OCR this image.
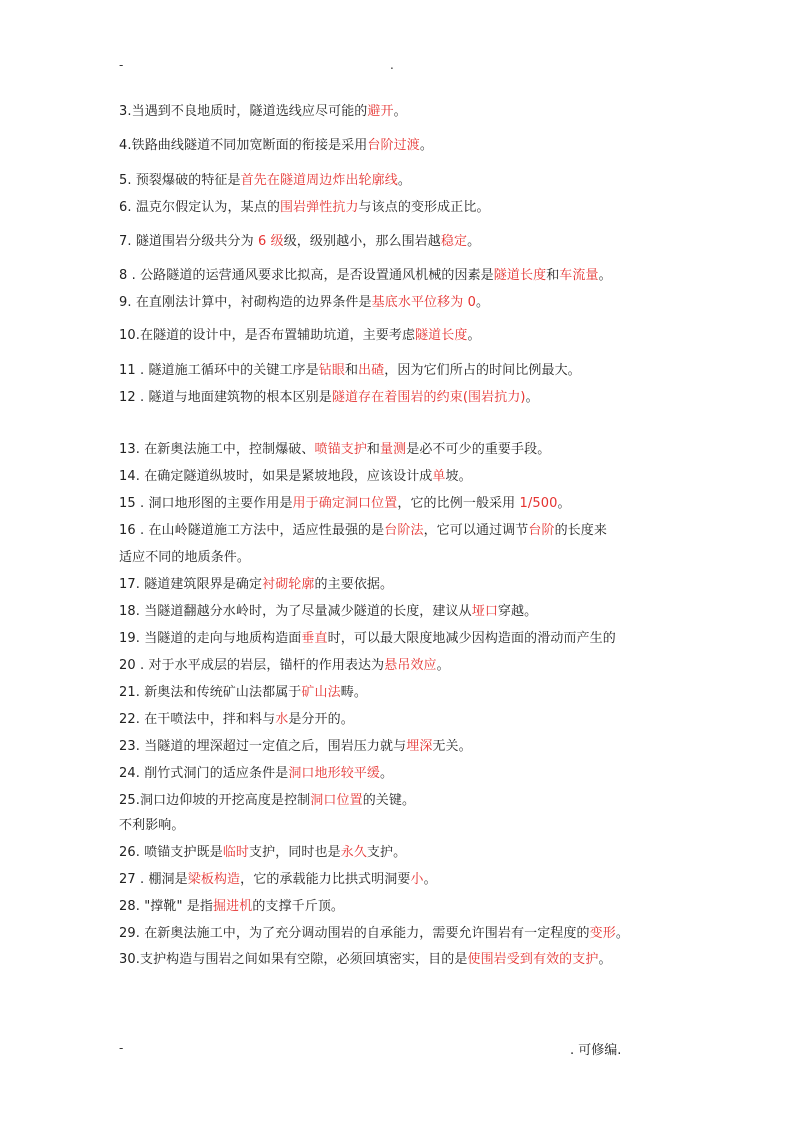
-	.
3.当遇到不良地质时，隧道选线应尽可能的避开。
4.铁路曲线隧道不同加宽断面的衔接是采用台阶过渡。
5. 预裂爆破的特征是首先在隧道周边炸出轮廓线。
6. 温克尔假定认为，某点的围岩弹性抗力与该点的变形成正比。
7. 隧道围岩分级共分为 6 级级，级别越小，那么围岩越稳定。
8 . 公路隧道的运营通风要求比拟高，是否设置通风机械的因素是隧道长度和车流量。
9. 在直刚法计算中，衬砌构造的边界条件是基底水平位移为 0。
10.在隧道的设计中，是否布置辅助坑道，主要考虑隧道长度。
11 . 隧道施工循环中的关键工序是钻眼和出碴，因为它们所占的时间比例最大。
12 . 隧道与地面建筑物的根本区别是隧道存在着围岩的约束(围岩抗力)。
13. 在新奥法施工中，控制爆破、喷锚支护和量测是必不可少的重要手段。
14. 在确定隧道纵坡时，如果是紧坡地段，应该设计成单坡。
15 . 洞口地形图的主要作用是用于确定洞口位置，它的比例一般采用 1/500。
16 . 在山岭隧道施工方法中，适应性最强的是台阶法，它可以通过调节台阶的长度来
适应不同的地质条件。
17. 隧道建筑限界是确定衬砌轮廓的主要依据。
18. 当隧道翻越分水岭时，为了尽量减少隧道的长度，建议从垭口穿越。
19. 当隧道的走向与地质构造面垂直时，可以最大限度地减少因构造面的滑动而产生的
20 . 对于水平成层的岩层，锚杆的作用表达为悬吊效应。
21. 新奥法和传统矿山法都属于矿山法畴。
22. 在干喷法中，拌和料与水是分开的。
23. 当隧道的埋深超过一定值之后，围岩压力就与埋深无关。
24. 削竹式洞门的适应条件是洞口地形较平缓。
25.洞口边仰坡的开挖高度是控制洞口位置的关键。
不利影响。
26. 喷锚支护既是临时支护，同时也是永久支护。
27 . 棚洞是梁板构造，它的承载能力比拱式明洞要小。
28. "撑靴" 是指掘进机的支撑千斤顶。
29. 在新奥法施工中，为了充分调动围岩的自承能力，需要允许围岩有一定程度的变形。
30.支护构造与围岩之间如果有空隙，必须回填密实，目的是使围岩受到有效的支护。
-	. 可修编.
